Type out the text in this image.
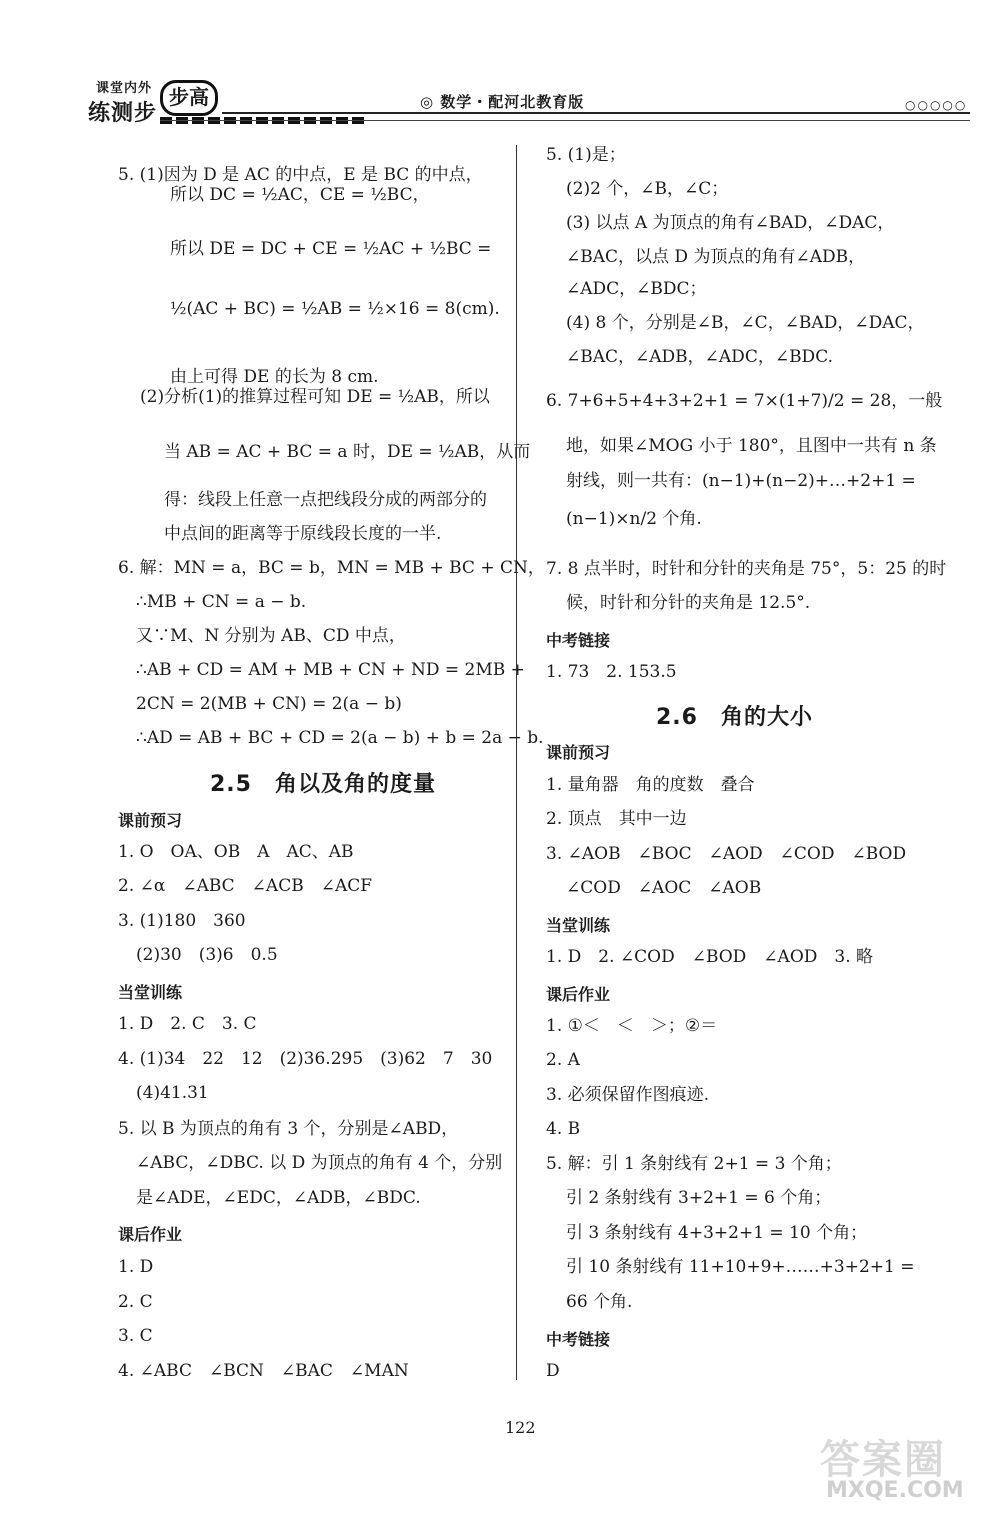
课堂内外
练测步
步高	◎ 数学・配河北教育版	○○○○○
5. (1)因为 D 是 AC 的中点，E 是 BC 的中点，
所以 DC = ½AC，CE = ½BC，
所以 DE = DC + CE = ½AC + ½BC =
½(AC + BC) = ½AB = ½×16 = 8(cm).
由上可得 DE 的长为 8 cm.
(2)分析(1)的推算过程可知 DE = ½AB，所以
当 AB = AC + BC = a 时，DE = ½AB，从而
得：线段上任意一点把线段分成的两部分的
中点间的距离等于原线段长度的一半.
6. 解：MN = a，BC = b，MN = MB + BC + CN，
∴MB + CN = a − b.
又∵M、N 分别为 AB、CD 中点，
∴AB + CD = AM + MB + CN + ND = 2MB +
2CN = 2(MB + CN) = 2(a − b)
∴AD = AB + BC + CD = 2(a − b) + b = 2a − b.
2.5　角以及角的度量
课前预习
1. O　OA、OB　A　AC、AB
2. ∠α　∠ABC　∠ACB　∠ACF
3. (1)180　360
(2)30　(3)6　0.5
当堂训练
1. D　2. C　3. C
4. (1)34　22　12　(2)36.295　(3)62　7　30
(4)41.31
5. 以 B 为顶点的角有 3 个，分别是∠ABD，
∠ABC，∠DBC. 以 D 为顶点的角有 4 个，分别
是∠ADE，∠EDC，∠ADB，∠BDC.
课后作业
1. D
2. C
3. C
4. ∠ABC　∠BCN　∠BAC　∠MAN
5. (1)是；
(2)2 个，∠B，∠C；
(3) 以点 A 为顶点的角有∠BAD，∠DAC，
∠BAC，以点 D 为顶点的角有∠ADB，
∠ADC，∠BDC；
(4) 8 个，分别是∠B，∠C，∠BAD，∠DAC，
∠BAC，∠ADB，∠ADC，∠BDC.
6. 7+6+5+4+3+2+1 = 7×(1+7)/2 = 28，一般
地，如果∠MOG 小于 180°，且图中一共有 n 条
射线，则一共有：(n−1)+(n−2)+…+2+1 =
(n−1)×n/2 个角.
7. 8 点半时，时针和分针的夹角是 75°，5：25 的时
候，时针和分针的夹角是 12.5°.
中考链接
1. 73　2. 153.5
2.6　角的大小
课前预习
1. 量角器　角的度数　叠合
2. 顶点　其中一边
3. ∠AOB　∠BOC　∠AOD　∠COD　∠BOD
∠COD　∠AOC　∠AOB
当堂训练
1. D　2. ∠COD　∠BOD　∠AOD　3. 略
课后作业
1. ①＜　＜　＞；②＝
2. A
3. 必须保留作图痕迹.
4. B
5. 解：引 1 条射线有 2+1 = 3 个角；
引 2 条射线有 3+2+1 = 6 个角；
引 3 条射线有 4+3+2+1 = 10 个角；
引 10 条射线有 11+10+9+……+3+2+1 =
66 个角.
中考链接
D
122
答案圈
MXQE.COM
